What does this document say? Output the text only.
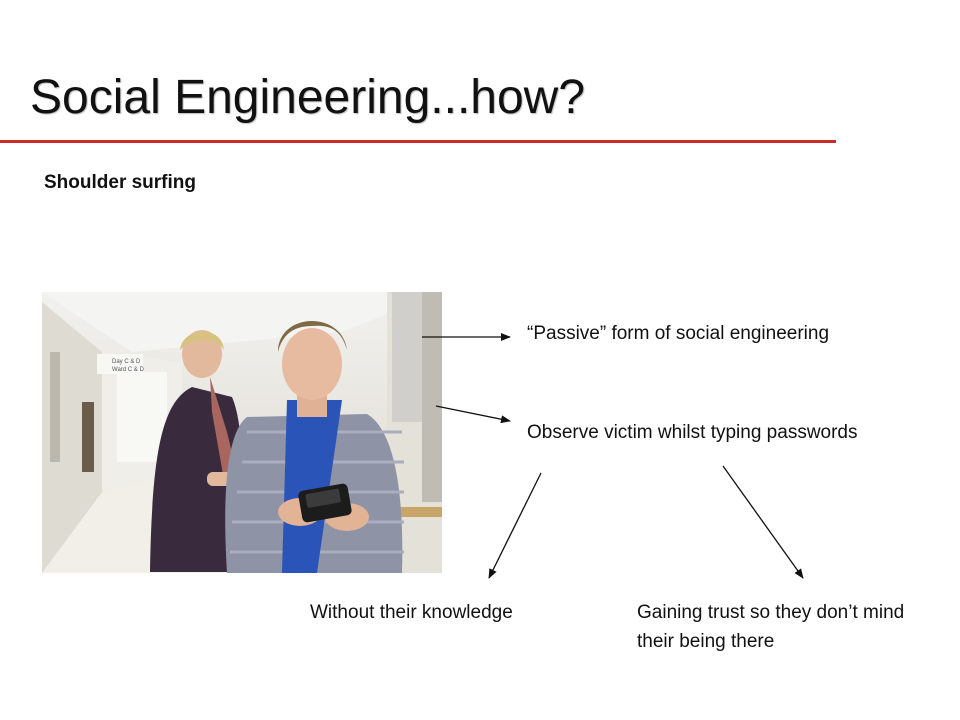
Social Engineering...how?
Shoulder surfing
Day C & D
Ward C & D
“Passive” form of social engineering
Observe victim whilst typing passwords
Without their knowledge	Gaining trust so they don’t mind their being there
